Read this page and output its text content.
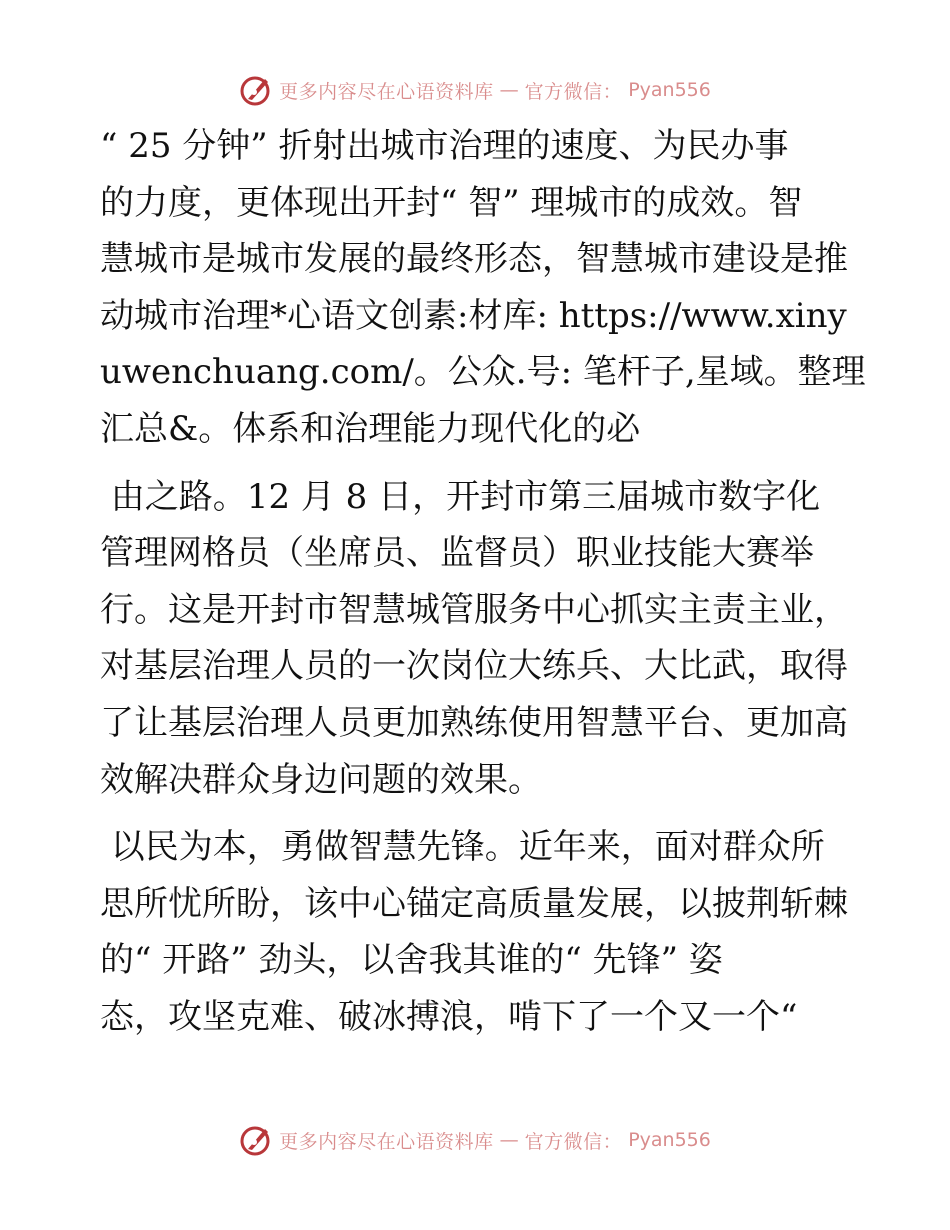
更多内容尽在心语资料库 — 官方微信： Pyan556
“ 25 分钟” 折射出城市治理的速度、为民办事
的力度，更体现出开封“ 智” 理城市的成效。智
慧城市是城市发展的最终形态，智慧城市建设是推
动城市治理*心语文创素:材库: https://www.xiny
uwenchuang.com/。公众.号: 笔杆子,星域。整理
汇总&。体系和治理能力现代化的必
由之路。12 月 8 日，开封市第三届城市数字化
管理网格员（坐席员、监督员）职业技能大赛举
行。这是开封市智慧城管服务中心抓实主责主业，
对基层治理人员的一次岗位大练兵、大比武，取得
了让基层治理人员更加熟练使用智慧平台、更加高
效解决群众身边问题的效果。
以民为本，勇做智慧先锋。近年来，面对群众所
思所忧所盼，该中心锚定高质量发展，以披荆斩棘
的“ 开路” 劲头，以舍我其谁的“ 先锋” 姿
态，攻坚克难、破冰搏浪，啃下了一个又一个“
更多内容尽在心语资料库 — 官方微信： Pyan556
